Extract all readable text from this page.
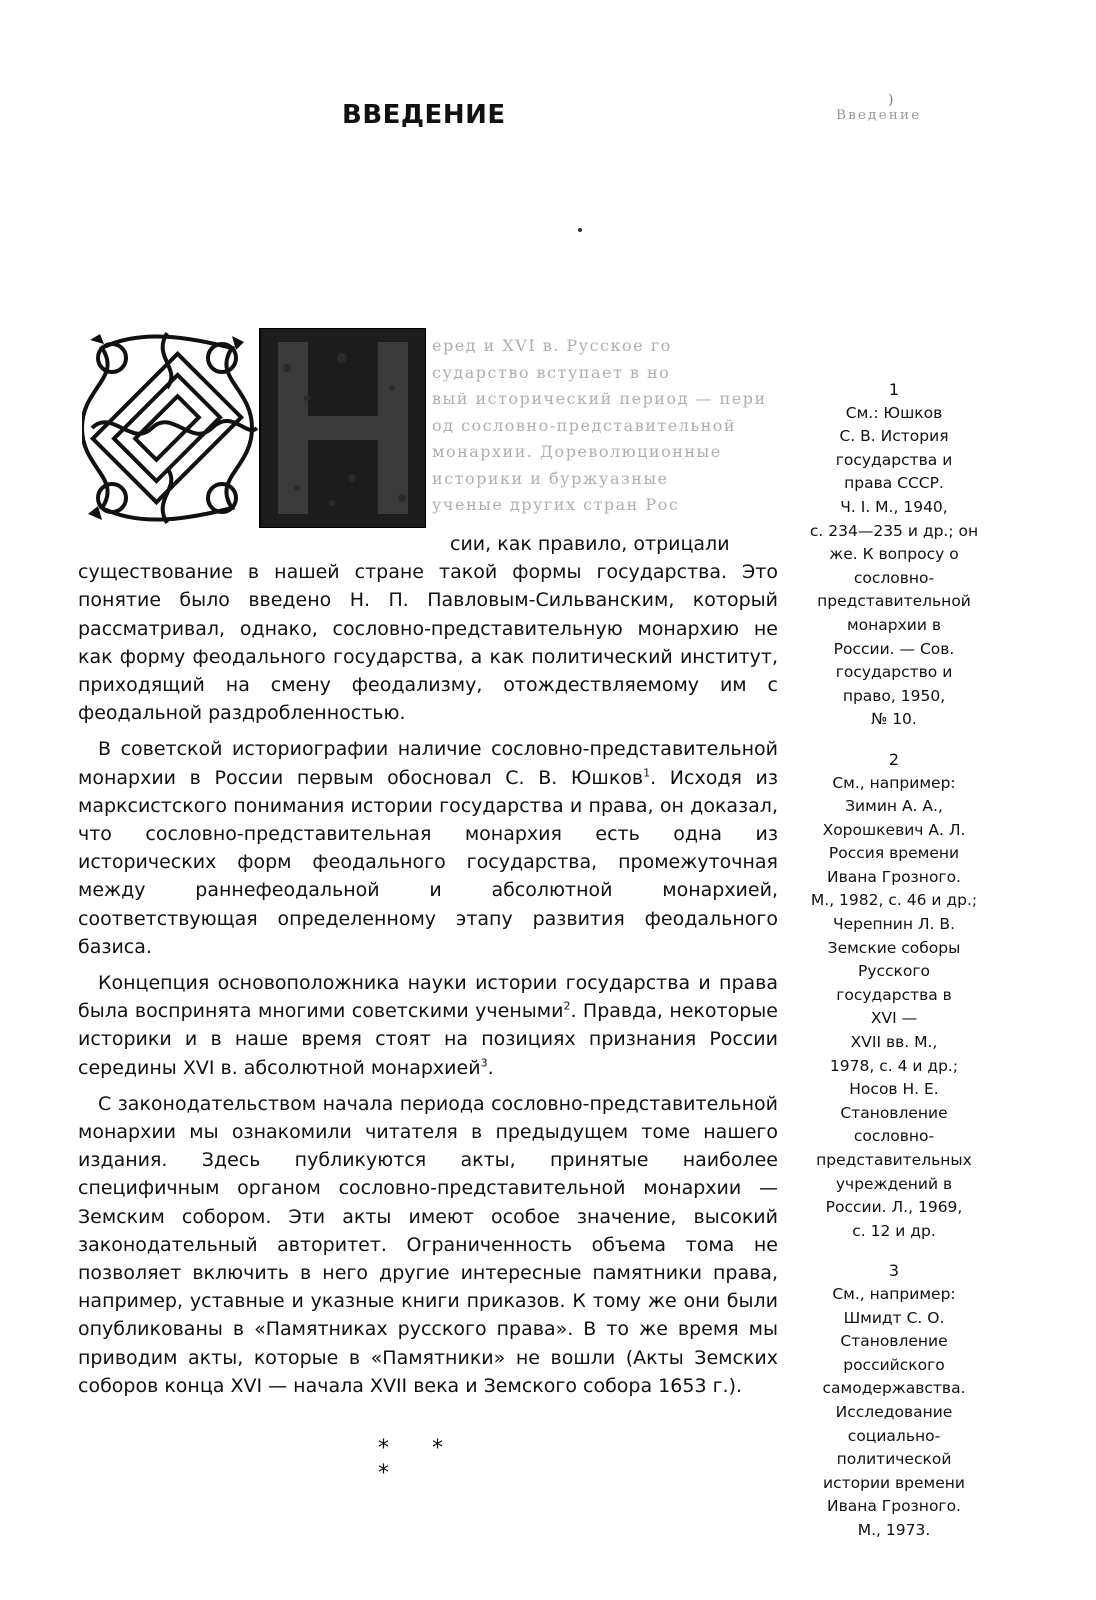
ВВЕДЕНИЕ	)
Введение
еред и XVI в. Русское го
сударство вступает в но
вый исторический период — пери
од сословно-представительной
монархии. Дореволюционные
историки и буржуазные
ученые других стран Рос

сии, как правило, отрицали

существование в нашей стране такой формы государства. Это понятие было введено Н. П. Павловым-Сильванским, который рассматривал, однако, сословно-представительную монархию не как форму феодального государства, а как политический институт, приходящий на смену феодализму, отождествляемому им с феодальной раздробленностью.

В советской историографии наличие сословно-представительной монархии в России первым обосновал С. В. Юшков$^1$. Исходя из марксистского понимания истории государства и права, он доказал, что сословно-представительная монархия есть одна из исторических форм феодального государства, промежуточная между раннефеодальной и абсолютной монархией, соответствующая определенному этапу развития феодального базиса.

Концепция основоположника науки истории государства и права была воспринята многими советскими учеными$^2$. Правда, некоторые историки и в наше время стоят на позициях признания России середины XVI в. абсолютной монархией$^3$.

С законодательством начала периода сословно-представительной монархии мы ознакомили читателя в предыдущем томе нашего издания. Здесь публикуются акты, принятые наиболее специфичным органом сословно-представительной монархии — Земским собором. Эти акты имеют особое значение, высокий законодательный авторитет. Ограниченность объема тома не позволяет включить в него другие интересные памятники права, например, уставные и указные книги приказов. К тому же они были опубликованы в «Памятниках русского права». В то же время мы приводим акты, которые в «Памятники» не вошли (Акты Земских соборов конца XVI — начала XVII века и Земского собора 1653 г.).

* * *
1
См.: Юшков
С. В. История
государства и
права СССР.
Ч. I. М., 1940,
с. 234—235 и др.; он
же. К вопросу о
сословно-
представительной
монархии в
России. — Сов.
государство и
право, 1950,
№ 10.
2
См., например:
Зимин А. А.,
Хорошкевич А. Л.
Россия времени
Ивана Грозного.
М., 1982, с. 46 и др.;
Черепнин Л. В.
Земские соборы
Русского
государства в
XVI —
XVII вв. М.,
1978, с. 4 и др.;
Носов Н. Е.
Становление
сословно-
представительных
учреждений в
России. Л., 1969,
с. 12 и др.
3
См., например:
Шмидт С. О.
Становление
российского
самодержавства.
Исследование
социально-
политической
истории времени
Ивана Грозного.
М., 1973.
